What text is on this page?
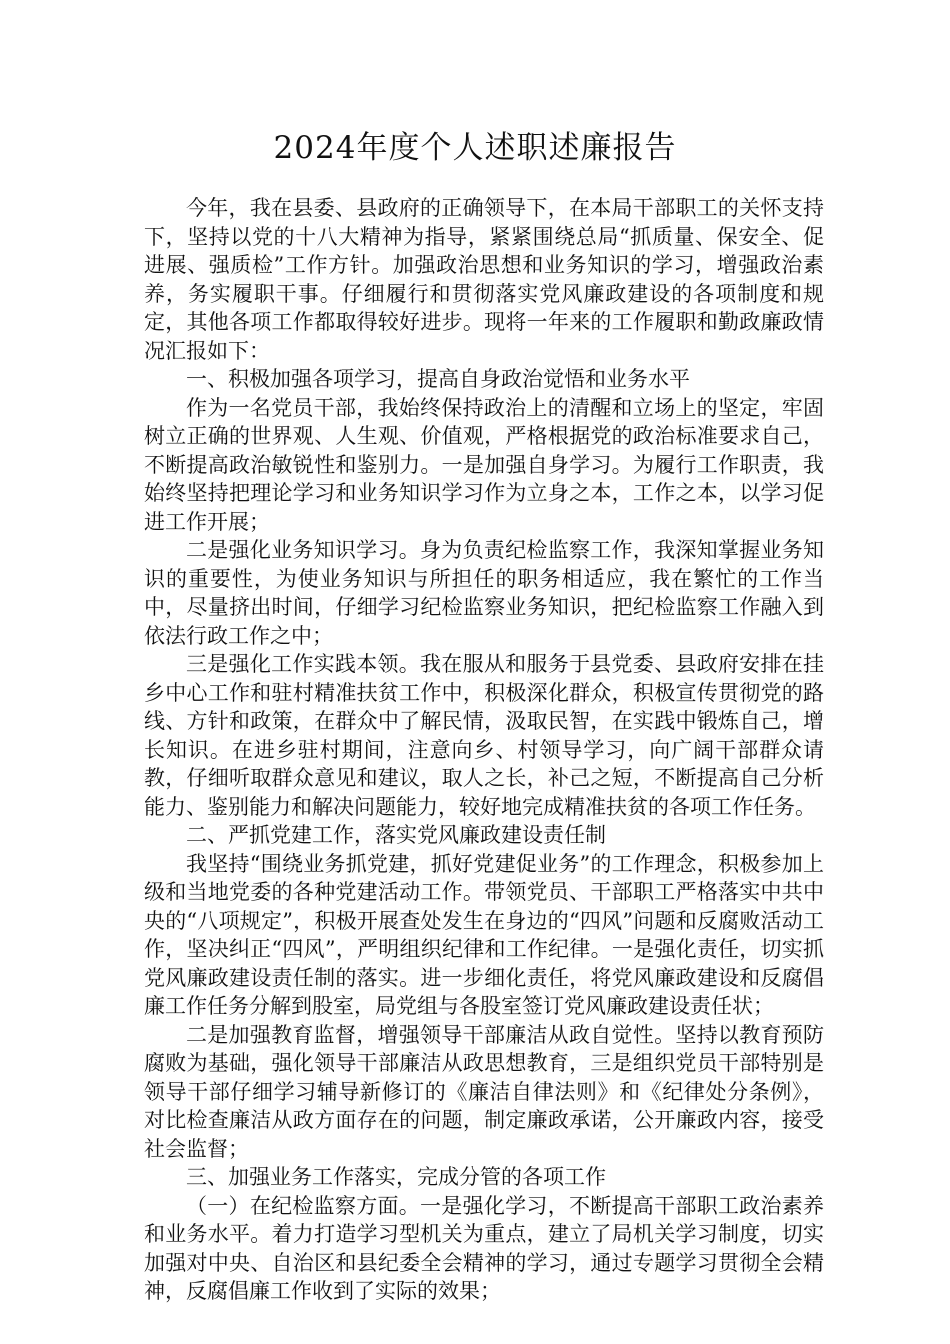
2024年度个人述职述廉报告

今年，我在县委、县政府的正确领导下，在本局干部职工的关怀支持下，坚持以党的十八大精神为指导，紧紧围绕总局“抓质量、保安全、促进展、强质检”工作方针。加强政治思想和业务知识的学习，增强政治素养，务实履职干事。仔细履行和贯彻落实党风廉政建设的各项制度和规定，其他各项工作都取得较好进步。现将一年来的工作履职和勤政廉政情况汇报如下：

一、积极加强各项学习，提高自身政治觉悟和业务水平

作为一名党员干部，我始终保持政治上的清醒和立场上的坚定，牢固树立正确的世界观、人生观、价值观，严格根据党的政治标准要求自己，不断提高政治敏锐性和鉴别力。一是加强自身学习。为履行工作职责，我始终坚持把理论学习和业务知识学习作为立身之本，工作之本，以学习促进工作开展；

二是强化业务知识学习。身为负责纪检监察工作，我深知掌握业务知识的重要性，为使业务知识与所担任的职务相适应，我在繁忙的工作当中，尽量挤出时间，仔细学习纪检监察业务知识，把纪检监察工作融入到依法行政工作之中；

三是强化工作实践本领。我在服从和服务于县党委、县政府安排在挂乡中心工作和驻村精准扶贫工作中，积极深化群众，积极宣传贯彻党的路线、方针和政策，在群众中了解民情，汲取民智，在实践中锻炼自己，增长知识。在进乡驻村期间，注意向乡、村领导学习，向广阔干部群众请教，仔细听取群众意见和建议，取人之长，补己之短，不断提高自己分析能力、鉴别能力和解决问题能力，较好地完成精准扶贫的各项工作任务。

二、严抓党建工作，落实党风廉政建设责任制

我坚持“围绕业务抓党建，抓好党建促业务”的工作理念，积极参加上级和当地党委的各种党建活动工作。带领党员、干部职工严格落实中共中央的“八项规定”，积极开展查处发生在身边的“四风”问题和反腐败活动工作，坚决纠正“四风”，严明组织纪律和工作纪律。一是强化责任，切实抓党风廉政建设责任制的落实。进一步细化责任，将党风廉政建设和反腐倡廉工作任务分解到股室，局党组与各股室签订党风廉政建设责任状；

二是加强教育监督，增强领导干部廉洁从政自觉性。坚持以教育预防腐败为基础，强化领导干部廉洁从政思想教育，三是组织党员干部特别是领导干部仔细学习辅导新修订的《廉洁自律法则》和《纪律处分条例》，对比检查廉洁从政方面存在的问题，制定廉政承诺，公开廉政内容，接受社会监督；

三、加强业务工作落实，完成分管的各项工作

（一）在纪检监察方面。一是强化学习，不断提高干部职工政治素养和业务水平。着力打造学习型机关为重点，建立了局机关学习制度，切实加强对中央、自治区和县纪委全会精神的学习，通过专题学习贯彻全会精神，反腐倡廉工作收到了实际的效果；
